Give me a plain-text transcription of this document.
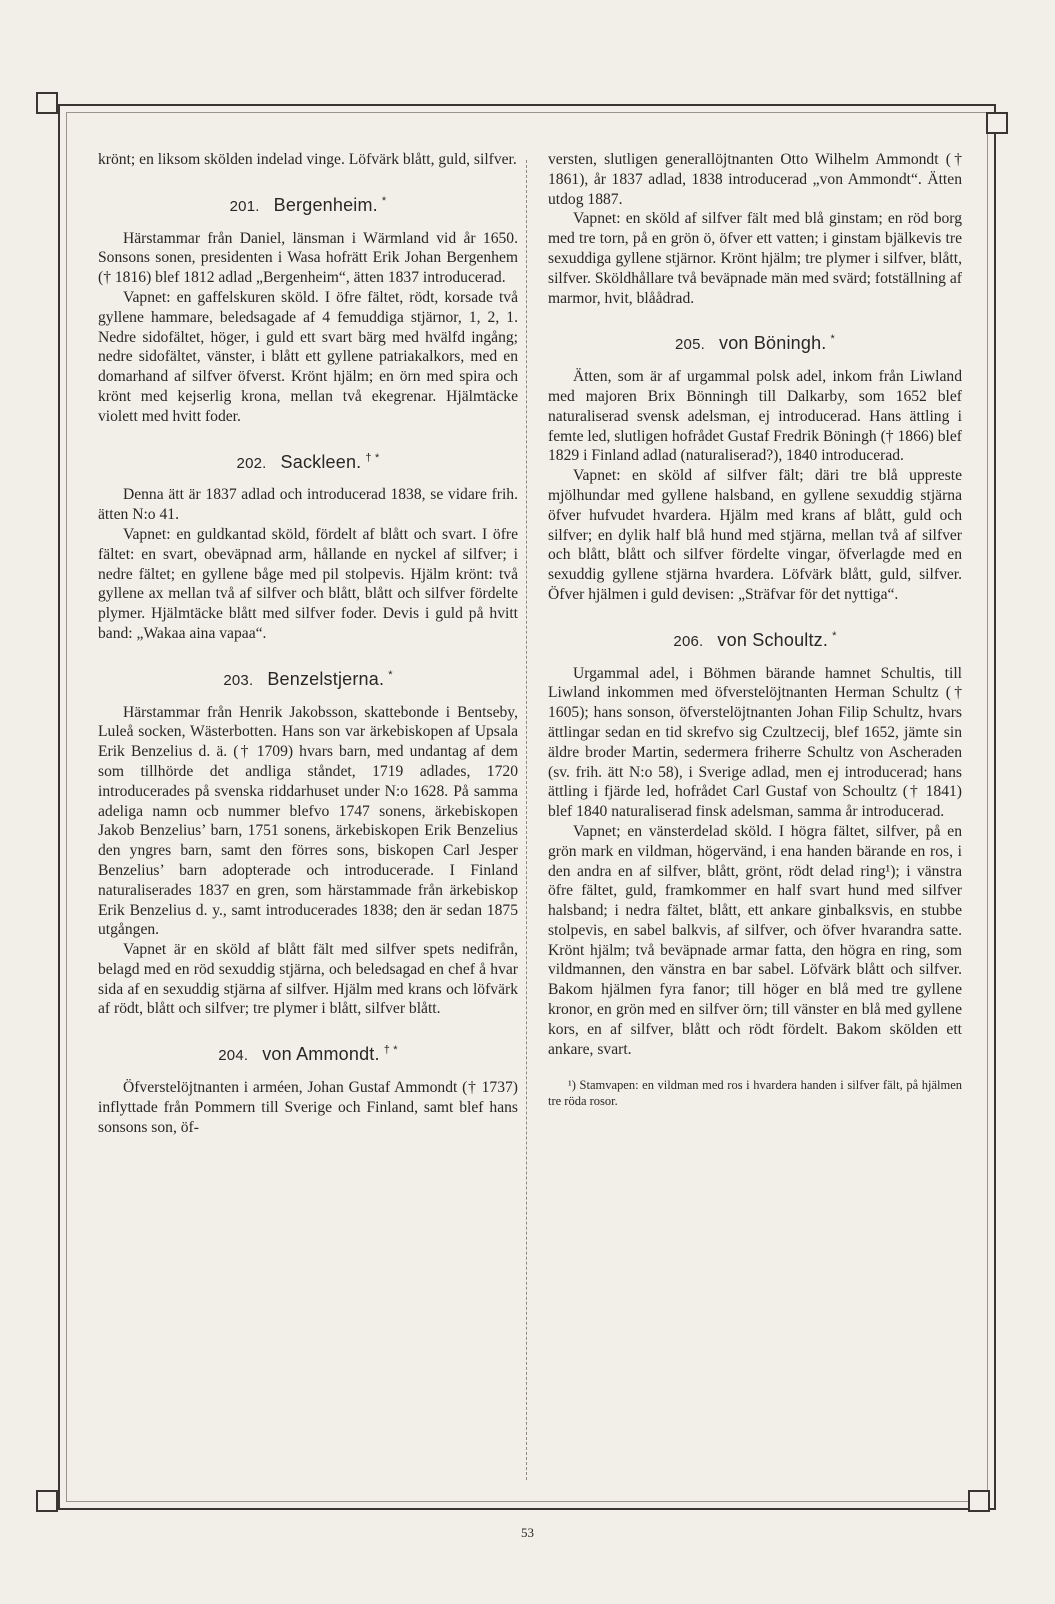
krönt; en liksom skölden indelad vinge. Löfvärk blått, guld, silfver.

201. Bergenheim. *

Härstammar från Daniel, länsman i Wärmland vid år 1650. Sonsons sonen, presidenten i Wasa hofrätt Erik Johan Bergenhem († 1816) blef 1812 adlad „Bergenheim“, ätten 1837 introducerad.

Vapnet: en gaffelskuren sköld. I öfre fältet, rödt, korsade två gyllene hammare, beledsagade af 4 femuddiga stjärnor, 1, 2, 1. Nedre sidofältet, höger, i guld ett svart bärg med hvälfd ingång; nedre sidofältet, vänster, i blått ett gyllene patriakalkors, med en domarhand af silfver öfverst. Krönt hjälm; en örn med spira och krönt med kejserlig krona, mellan två ekegrenar. Hjälmtäcke violett med hvitt foder.

202. Sackleen. † *

Denna ätt är 1837 adlad och introducerad 1838, se vidare frih. ätten N:o 41.

Vapnet: en guldkantad sköld, fördelt af blått och svart. I öfre fältet: en svart, obeväpnad arm, hållande en nyckel af silfver; i nedre fältet; en gyllene båge med pil stolpevis. Hjälm krönt: två gyllene ax mellan två af silfver och blått, blått och silfver fördelte plymer. Hjälmtäcke blått med silfver foder. Devis i guld på hvitt band: „Wakaa aina vapaa“.

203. Benzelstjerna. *

Härstammar från Henrik Jakobsson, skattebonde i Bentseby, Luleå socken, Wästerbotten. Hans son var ärkebiskopen af Upsala Erik Benzelius d. ä. († 1709) hvars barn, med undantag af dem som tillhörde det andliga ståndet, 1719 adlades, 1720 introducerades på svenska riddarhuset under N:o 1628. På samma adeliga namn ocb nummer blefvo 1747 sonens, ärkebiskopen Jakob Benzelius’ barn, 1751 sonens, ärkebiskopen Erik Benzelius den yngres barn, samt den förres sons, biskopen Carl Jesper Benzelius’ barn adopterade och introducerade. I Finland naturaliserades 1837 en gren, som härstammade från ärkebiskop Erik Benzelius d. y., samt introducerades 1838; den är sedan 1875 utgången.

Vapnet är en sköld af blått fält med silfver spets nedifrån, belagd med en röd sexuddig stjärna, och beledsagad en chef å hvar sida af en sexuddig stjärna af silfver. Hjälm med krans och löfvärk af rödt, blått och silfver; tre plymer i blått, silfver blått.

204. von Ammondt. † *

Öfverstelöjtnanten i arméen, Johan Gustaf Ammondt († 1737) inflyttade från Pommern till Sverige och Finland, samt blef hans sonsons son, öf-

versten, slutligen generallöjtnanten Otto Wilhelm Ammondt († 1861), år 1837 adlad, 1838 introducerad „von Ammondt“. Ätten utdog 1887.

Vapnet: en sköld af silfver fält med blå ginstam; en röd borg med tre torn, på en grön ö, öfver ett vatten; i ginstam bjälkevis tre sexuddiga gyllene stjärnor. Krönt hjälm; tre plymer i silfver, blått, silfver. Sköldhållare två beväpnade män med svärd; fotställning af marmor, hvit, blåådrad.

205. von Böningh. *

Ätten, som är af urgammal polsk adel, inkom från Liwland med majoren Brix Bönningh till Dalkarby, som 1652 blef naturaliserad svensk adelsman, ej introducerad. Hans ättling i femte led, slutligen hofrådet Gustaf Fredrik Böningh († 1866) blef 1829 i Finland adlad (naturaliserad?), 1840 introducerad.

Vapnet: en sköld af silfver fält; däri tre blå uppreste mjölhundar med gyllene halsband, en gyllene sexuddig stjärna öfver hufvudet hvardera. Hjälm med krans af blått, guld och silfver; en dylik half blå hund med stjärna, mellan två af silfver och blått, blått och silfver fördelte vingar, öfverlagde med en sexuddig gyllene stjärna hvardera. Löfvärk blått, guld, silfver. Öfver hjälmen i guld devisen: „Sträfvar för det nyttiga“.

206. von Schoultz. *

Urgammal adel, i Böhmen bärande hamnet Schultis, till Liwland inkommen med öfverstelöjtnanten Herman Schultz († 1605); hans sonson, öfverstelöjtnanten Johan Filip Schultz, hvars ättlingar sedan en tid skrefvo sig Czultzecij, blef 1652, jämte sin äldre broder Martin, sedermera friherre Schultz von Ascheraden (sv. frih. ätt N:o 58), i Sverige adlad, men ej introducerad; hans ättling i fjärde led, hofrådet Carl Gustaf von Schoultz († 1841) blef 1840 naturaliserad finsk adelsman, samma år introducerad.

Vapnet; en vänsterdelad sköld. I högra fältet, silfver, på en grön mark en vildman, högervänd, i ena handen bärande en ros, i den andra en af silfver, blått, grönt, rödt delad ring¹); i vänstra öfre fältet, guld, framkommer en half svart hund med silfver halsband; i nedra fältet, blått, ett ankare ginbalksvis, en stubbe stolpevis, en sabel balkvis, af silfver, och öfver hvarandra satte. Krönt hjälm; två beväpnade armar fatta, den högra en ring, som vildmannen, den vänstra en bar sabel. Löfvärk blått och silfver. Bakom hjälmen fyra fanor; till höger en blå med tre gyllene kronor, en grön med en silfver örn; till vänster en blå med gyllene kors, en af silfver, blått och rödt fördelt. Bakom skölden ett ankare, svart.

¹) Stamvapen: en vildman med ros i hvardera handen i silfver fält, på hjälmen tre röda rosor.

53
